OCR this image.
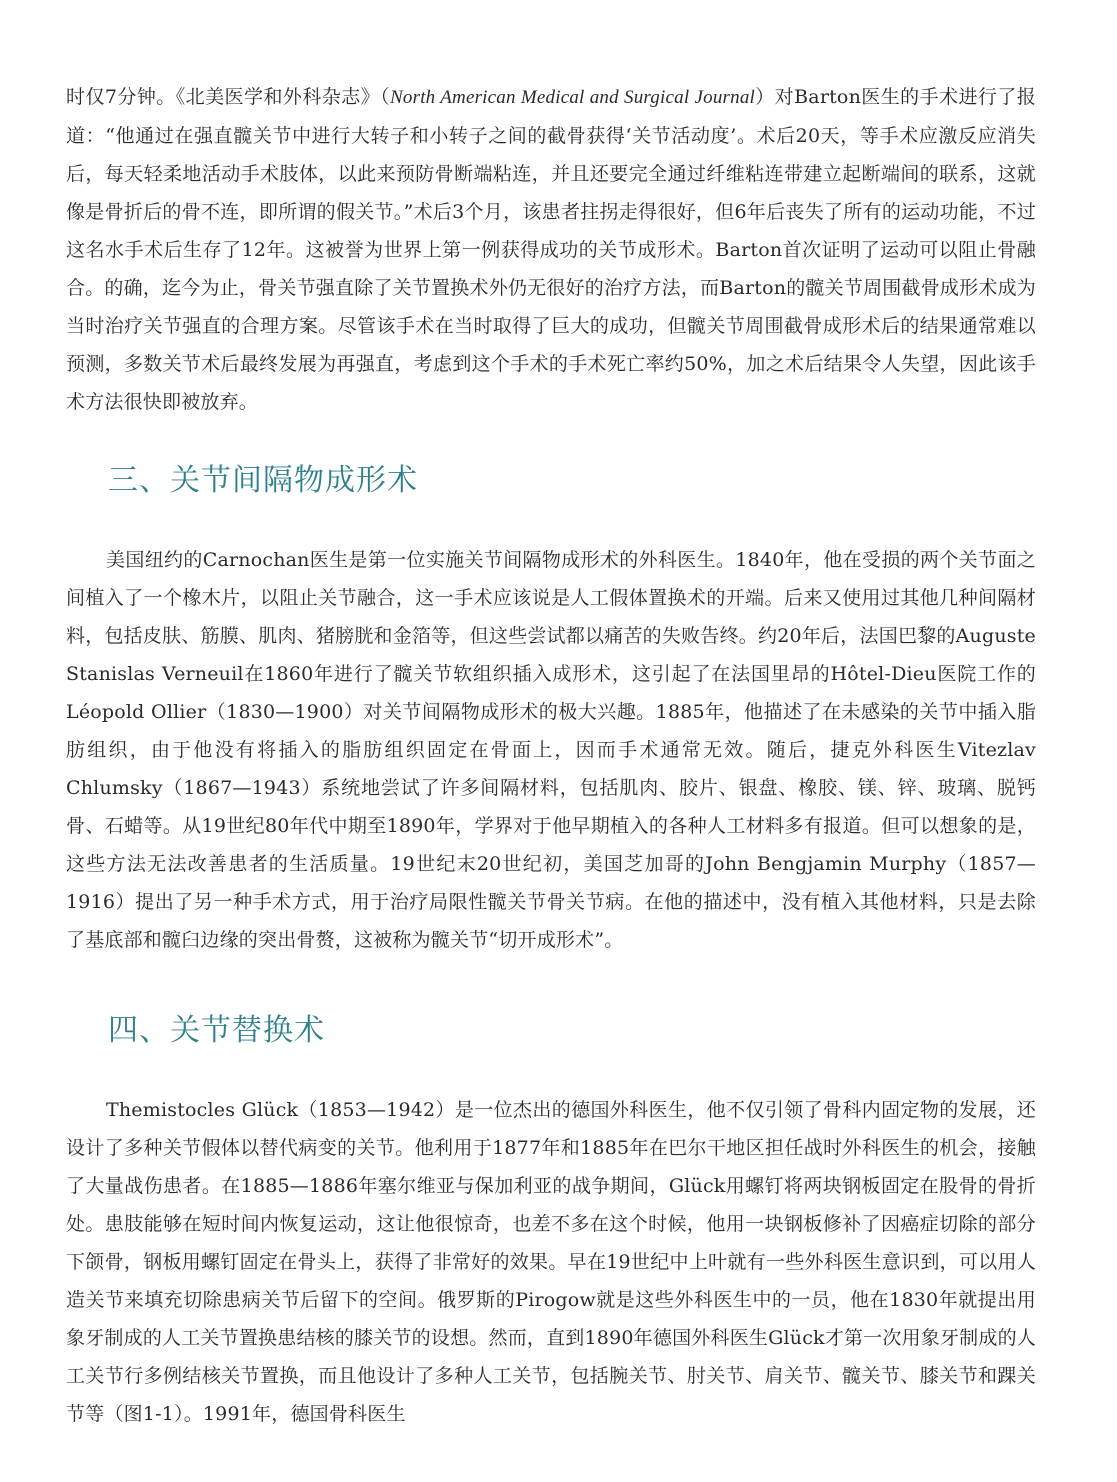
时仅7分钟。《北美医学和外科杂志》（North American Medical and Surgical Journal）对Barton医生的手术进行了报道：“他通过在强直髋关节中进行大转子和小转子之间的截骨获得‘关节活动度’。术后20天，等手术应激反应消失后，每天轻柔地活动手术肢体，以此来预防骨断端粘连，并且还要完全通过纤维粘连带建立起断端间的联系，这就像是骨折后的骨不连，即所谓的假关节。”术后3个月，该患者拄拐走得很好，但6年后丧失了所有的运动功能，不过这名水手术后生存了12年。这被誉为世界上第一例获得成功的关节成形术。Barton首次证明了运动可以阻止骨融合。的确，迄今为止，骨关节强直除了关节置换术外仍无很好的治疗方法，而Barton的髋关节周围截骨成形术成为当时治疗关节强直的合理方案。尽管该手术在当时取得了巨大的成功，但髋关节周围截骨成形术后的结果通常难以预测，多数关节术后最终发展为再强直，考虑到这个手术的手术死亡率约50%，加之术后结果令人失望，因此该手术方法很快即被放弃。

三、关节间隔物成形术

美国纽约的Carnochan医生是第一位实施关节间隔物成形术的外科医生。1840年，他在受损的两个关节面之间植入了一个橡木片，以阻止关节融合，这一手术应该说是人工假体置换术的开端。后来又使用过其他几种间隔材料，包括皮肤、筋膜、肌肉、猪膀胱和金箔等，但这些尝试都以痛苦的失败告终。约20年后，法国巴黎的Auguste Stanislas Verneuil在1860年进行了髋关节软组织插入成形术，这引起了在法国里昂的Hôtel-Dieu医院工作的Léopold Ollier（1830—1900）对关节间隔物成形术的极大兴趣。1885年，他描述了在未感染的关节中插入脂肪组织，由于他没有将插入的脂肪组织固定在骨面上，因而手术通常无效。随后，捷克外科医生Vitezlav Chlumsky（1867—1943）系统地尝试了许多间隔材料，包括肌肉、胶片、银盘、橡胶、镁、锌、玻璃、脱钙骨、石蜡等。从19世纪80年代中期至1890年，学界对于他早期植入的各种人工材料多有报道。但可以想象的是，这些方法无法改善患者的生活质量。19世纪末20世纪初，美国芝加哥的John Bengjamin Murphy（1857—1916）提出了另一种手术方式，用于治疗局限性髋关节骨关节病。在他的描述中，没有植入其他材料，只是去除了基底部和髋臼边缘的突出骨赘，这被称为髋关节“切开成形术”。

四、关节替换术

Themistocles Glück（1853—1942）是一位杰出的德国外科医生，他不仅引领了骨科内固定物的发展，还设计了多种关节假体以替代病变的关节。他利用于1877年和1885年在巴尔干地区担任战时外科医生的机会，接触了大量战伤患者。在1885—1886年塞尔维亚与保加利亚的战争期间，Glück用螺钉将两块钢板固定在股骨的骨折处。患肢能够在短时间内恢复运动，这让他很惊奇，也差不多在这个时候，他用一块钢板修补了因癌症切除的部分下颌骨，钢板用螺钉固定在骨头上，获得了非常好的效果。早在19世纪中上叶就有一些外科医生意识到，可以用人造关节来填充切除患病关节后留下的空间。俄罗斯的Pirogow就是这些外科医生中的一员，他在1830年就提出用象牙制成的人工关节置换患结核的膝关节的设想。然而，直到1890年德国外科医生Glück才第一次用象牙制成的人工关节行多例结核关节置换，而且他设计了多种人工关节，包括腕关节、肘关节、肩关节、髋关节、膝关节和踝关节等（图1-1）。1991年，德国骨科医生
